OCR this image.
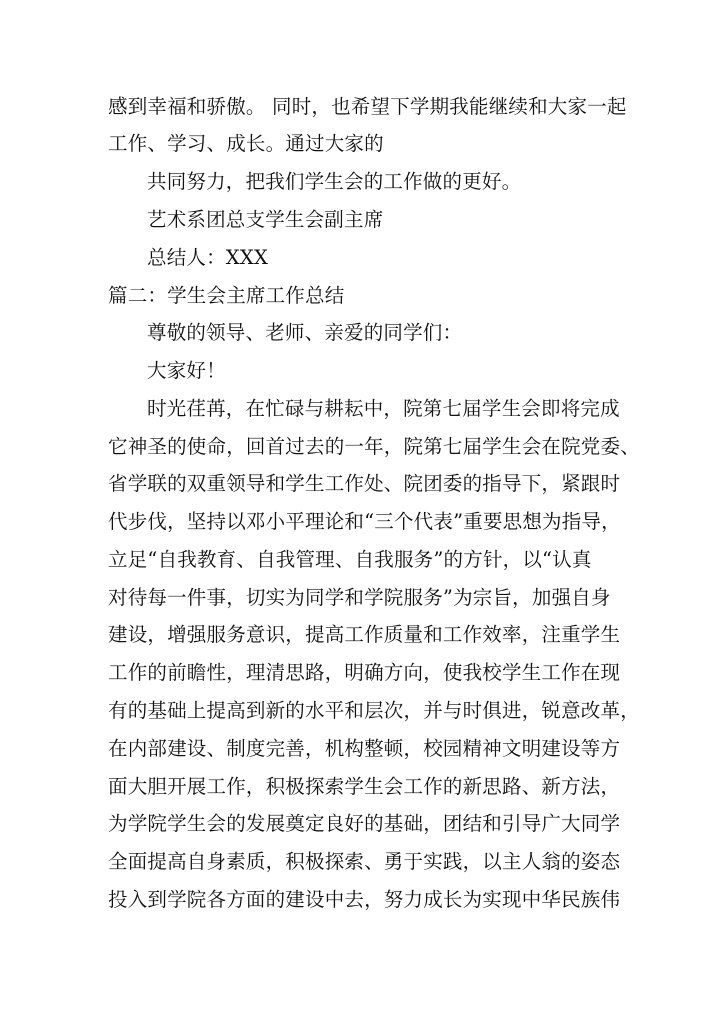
感到幸福和骄傲。 同时，也希望下学期我能继续和大家一起
工作、学习、成长。通过大家的
共同努力，把我们学生会的工作做的更好。
艺术系团总支学生会副主席
总结人：XXX
篇二：学生会主席工作总结
尊敬的领导、老师、亲爱的同学们：
大家好！
时光荏苒，在忙碌与耕耘中，院第七届学生会即将完成
它神圣的使命，回首过去的一年，院第七届学生会在院党委、
省学联的双重领导和学生工作处、院团委的指导下，紧跟时
代步伐，坚持以邓小平理论和“三个代表”重要思想为指导，
立足“自我教育、自我管理、自我服务”的方针，以“认真
对待每一件事，切实为同学和学院服务”为宗旨，加强自身
建设，增强服务意识，提高工作质量和工作效率，注重学生
工作的前瞻性，理清思路，明确方向，使我校学生工作在现
有的基础上提高到新的水平和层次，并与时俱进，锐意改革，
在内部建设、制度完善，机构整顿，校园精神文明建设等方
面大胆开展工作，积极探索学生会工作的新思路、新方法，
为学院学生会的发展奠定良好的基础，团结和引导广大同学
全面提高自身素质，积极探索、勇于实践，以主人翁的姿态
投入到学院各方面的建设中去，努力成长为实现中华民族伟
